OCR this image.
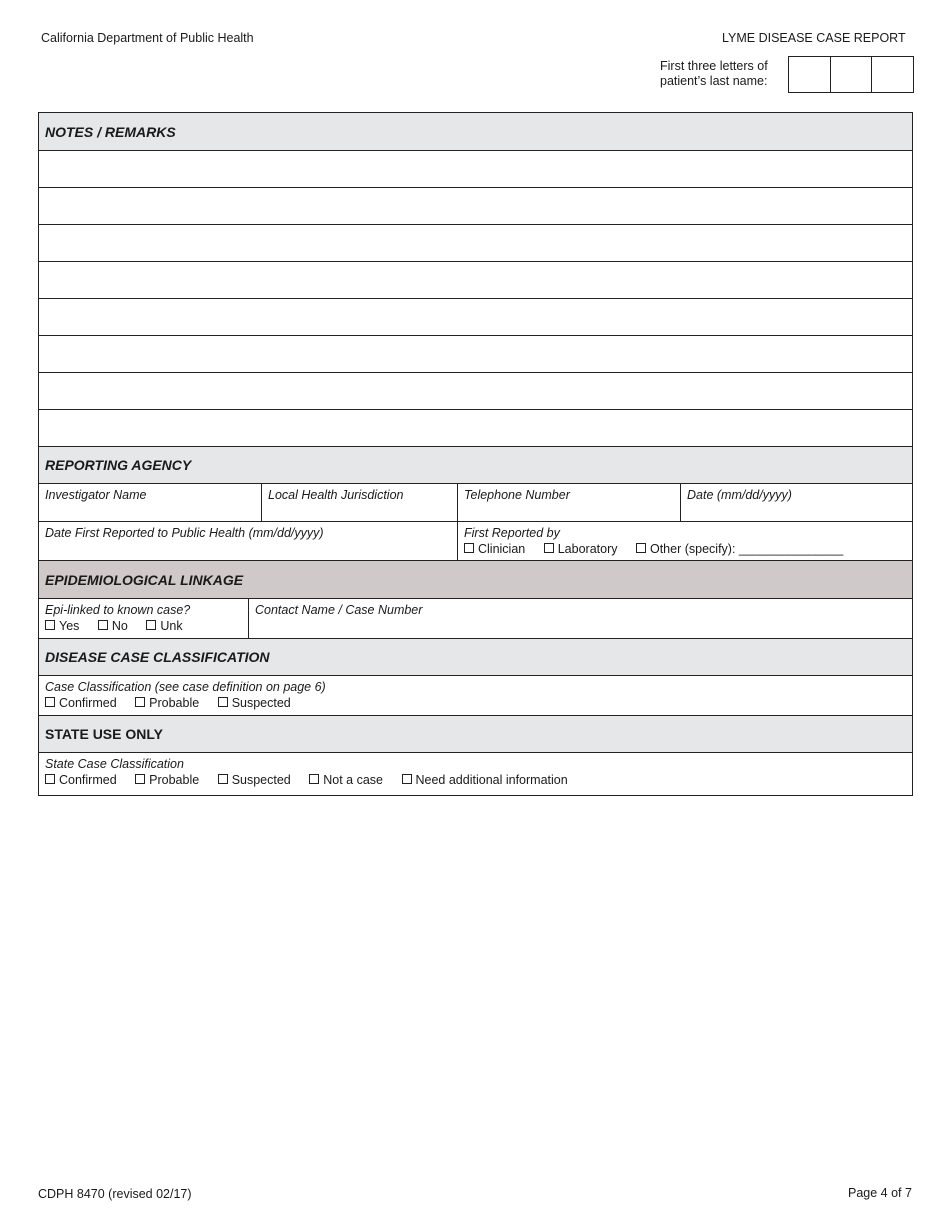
California Department of Public Health	LYME DISEASE CASE REPORT
First three letters of
patient’s last name:
NOTES / REMARKS
REPORTING AGENCY
Investigator Name	Local Health Jurisdiction	Telephone Number	Date (mm/dd/yyyy)
Date First Reported to Public Health (mm/dd/yyyy)	First Reported by
Clinician	Laboratory	Other (specify): _______________
EPIDEMIOLOGICAL LINKAGE
Epi-linked to known case?
Yes	No	Unk
Contact Name / Case Number
DISEASE CASE CLASSIFICATION
Case Classification (see case definition on page 6)
Confirmed	Probable	Suspected
STATE USE ONLY
State Case Classification
Confirmed	Probable	Suspected	Not a case	Need additional information
CDPH 8470 (revised 02/17)	Page 4 of 7
